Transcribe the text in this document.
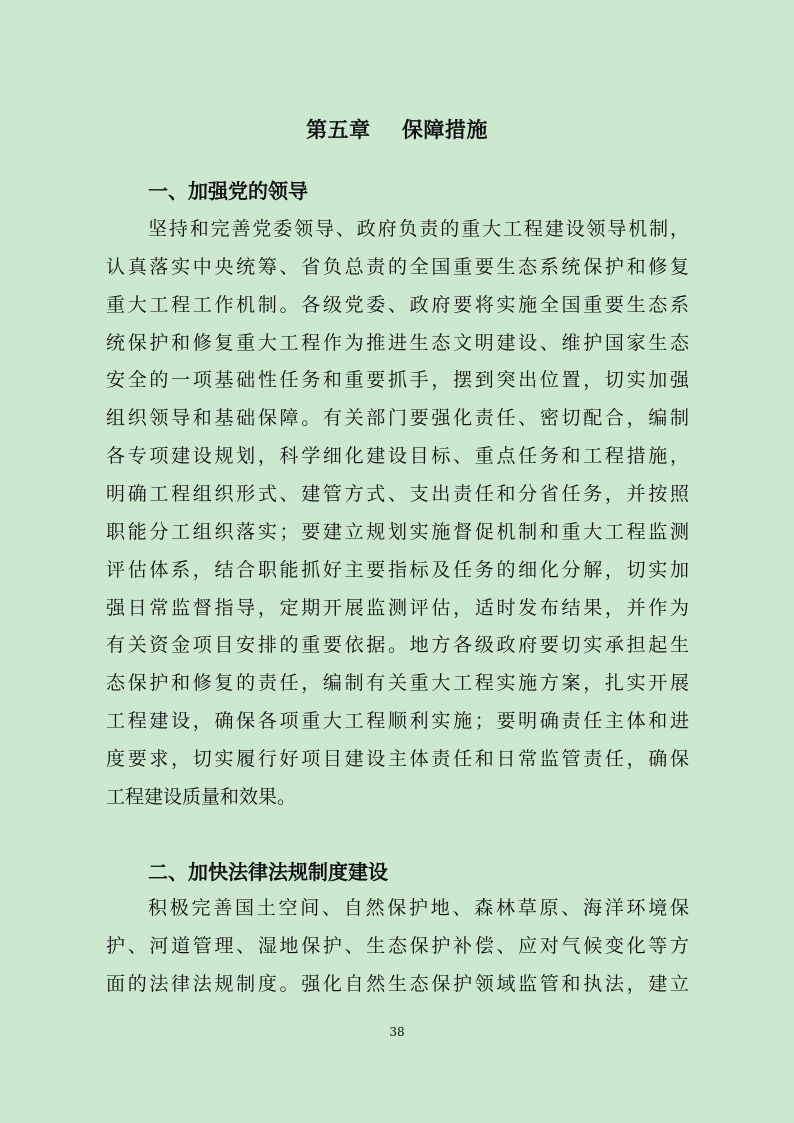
第五章    保障措施
一、加强党的领导
坚持和完善党委领导、政府负责的重大工程建设领导机制，
认真落实中央统筹、省负总责的全国重要生态系统保护和修复
重大工程工作机制。各级党委、政府要将实施全国重要生态系
统保护和修复重大工程作为推进生态文明建设、维护国家生态
安全的一项基础性任务和重要抓手，摆到突出位置，切实加强
组织领导和基础保障。有关部门要强化责任、密切配合，编制
各专项建设规划，科学细化建设目标、重点任务和工程措施，
明确工程组织形式、建管方式、支出责任和分省任务，并按照
职能分工组织落实；要建立规划实施督促机制和重大工程监测
评估体系，结合职能抓好主要指标及任务的细化分解，切实加
强日常监督指导，定期开展监测评估，适时发布结果，并作为
有关资金项目安排的重要依据。地方各级政府要切实承担起生
态保护和修复的责任，编制有关重大工程实施方案，扎实开展
工程建设，确保各项重大工程顺利实施；要明确责任主体和进
度要求，切实履行好项目建设主体责任和日常监管责任，确保
工程建设质量和效果。
二、加快法律法规制度建设
积极完善国土空间、自然保护地、森林草原、海洋环境保
护、河道管理、湿地保护、生态保护补偿、应对气候变化等方
面的法律法规制度。强化自然生态保护领域监管和执法，建立
38
